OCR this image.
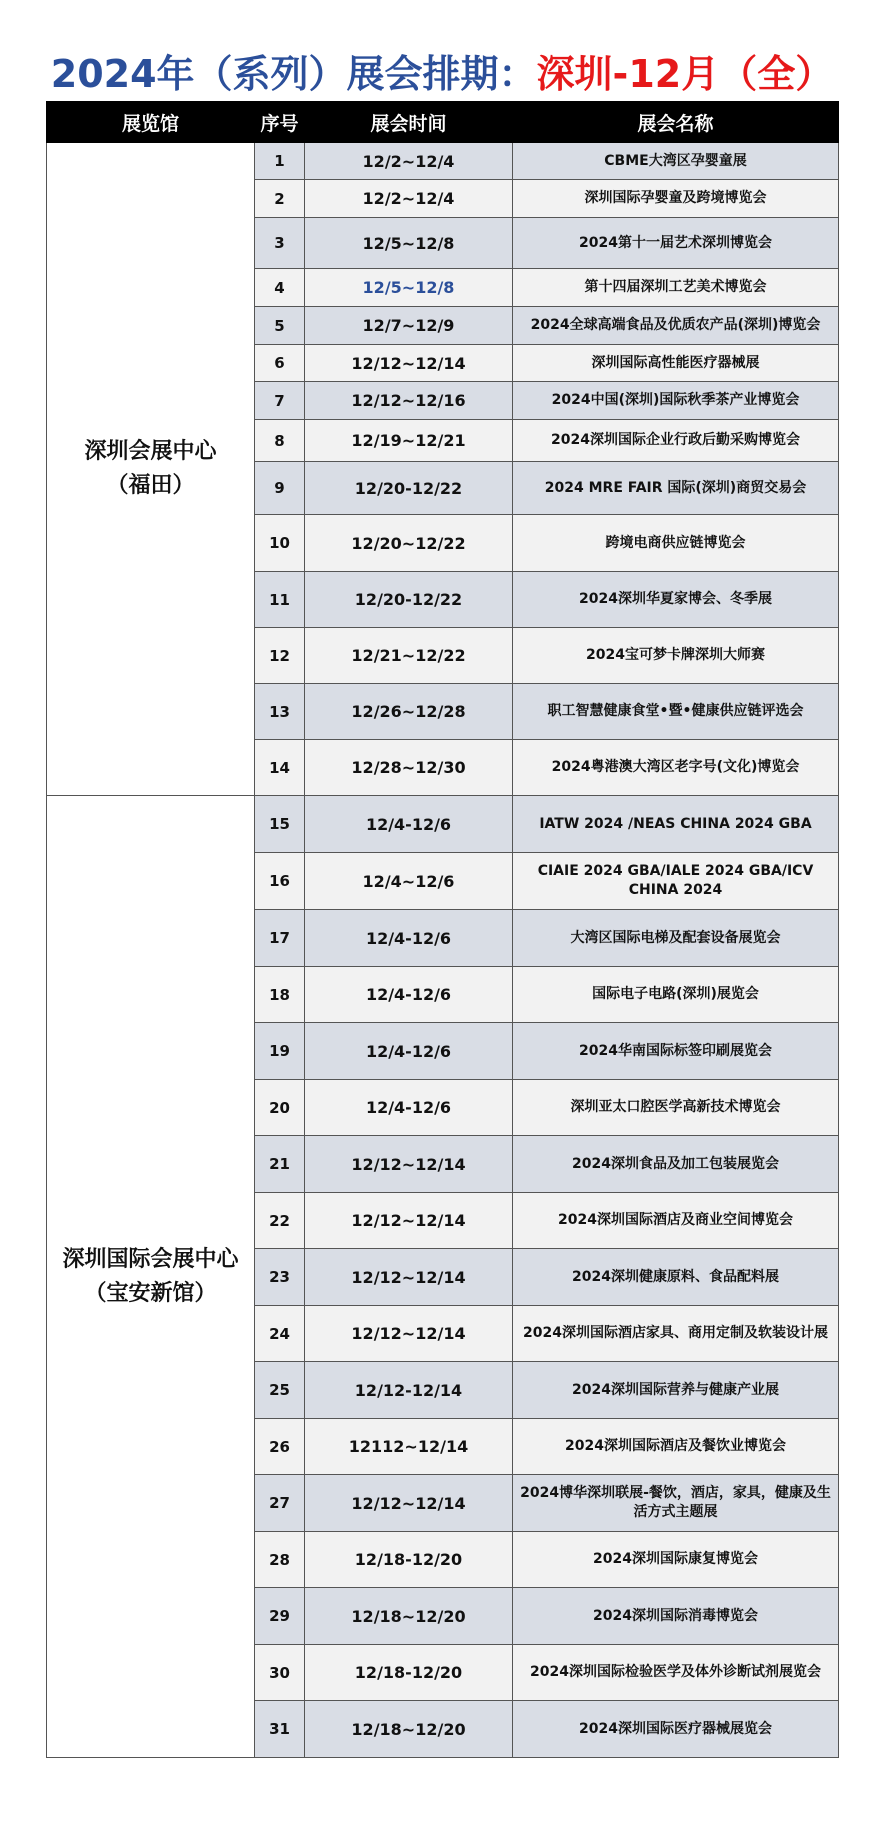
2024年（系列）展会排期：深圳-12月（全）
展览馆	序号	展会时间	展会名称

深圳会展中心
（福田）	1	12/2~12/4	CBME大湾区孕婴童展
	2	12/2~12/4	深圳国际孕婴童及跨境博览会
	3	12/5~12/8	2024第十一届艺术深圳博览会
	4	12/5~12/8	第十四届深圳工艺美术博览会
	5	12/7~12/9	2024全球高端食品及优质农产品(深圳)博览会
	6	12/12~12/14	深圳国际高性能医疗器械展
	7	12/12~12/16	2024中国(深圳)国际秋季茶产业博览会
	8	12/19~12/21	2024深圳国际企业行政后勤采购博览会
	9	12/20-12/22	2024 MRE FAIR 国际(深圳)商贸交易会
	10	12/20~12/22	跨境电商供应链博览会
	11	12/20-12/22	2024深圳华夏家博会、冬季展
	12	12/21~12/22	2024宝可梦卡牌深圳大师赛
	13	12/26~12/28	职工智慧健康食堂•暨•健康供应链评选会
	14	12/28~12/30	2024粤港澳大湾区老字号(文化)博览会

深圳国际会展中心
（宝安新馆）	15	12/4-12/6	IATW 2024 /NEAS CHINA 2024 GBA
	16	12/4~12/6	CIAIE 2024 GBA/IALE 2024 GBA/ICV CHINA 2024
	17	12/4-12/6	大湾区国际电梯及配套设备展览会
	18	12/4-12/6	国际电子电路(深圳)展览会
	19	12/4-12/6	2024华南国际标签印刷展览会
	20	12/4-12/6	深圳亚太口腔医学高新技术博览会
	21	12/12~12/14	2024深圳食品及加工包装展览会
	22	12/12~12/14	2024深圳国际酒店及商业空间博览会
	23	12/12~12/14	2024深圳健康原料、食品配料展
	24	12/12~12/14	2024深圳国际酒店家具、商用定制及软装设计展
	25	12/12-12/14	2024深圳国际营养与健康产业展
	26	12112~12/14	2024深圳国际酒店及餐饮业博览会
	27	12/12~12/14	2024博华深圳联展-餐饮，酒店，家具，健康及生活方式主题展
	28	12/18-12/20	2024深圳国际康复博览会
	29	12/18~12/20	2024深圳国际消毒博览会
	30	12/18-12/20	2024深圳国际检验医学及体外诊断试剂展览会
	31	12/18~12/20	2024深圳国际医疗器械展览会
